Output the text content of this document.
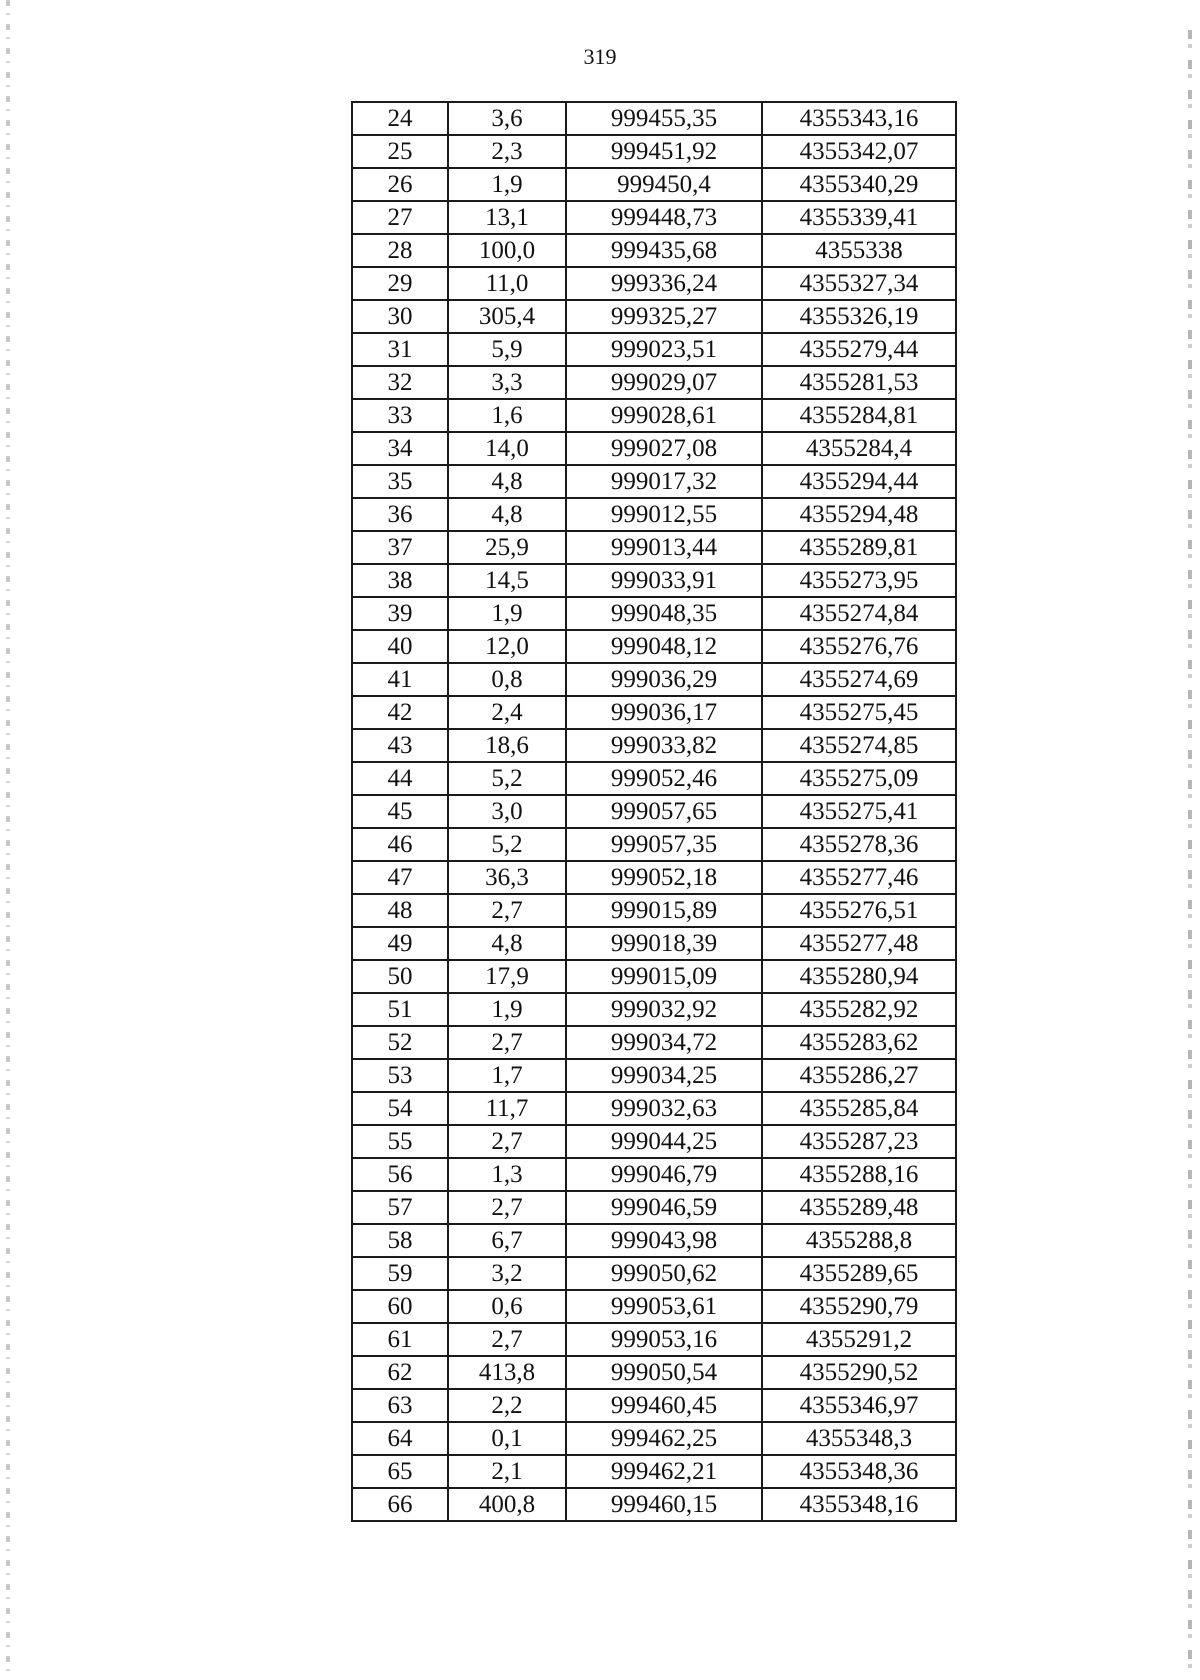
319
24	3,6	999455,35	4355343,16
25	2,3	999451,92	4355342,07
26	1,9	999450,4	4355340,29
27	13,1	999448,73	4355339,41
28	100,0	999435,68	4355338
29	11,0	999336,24	4355327,34
30	305,4	999325,27	4355326,19
31	5,9	999023,51	4355279,44
32	3,3	999029,07	4355281,53
33	1,6	999028,61	4355284,81
34	14,0	999027,08	4355284,4
35	4,8	999017,32	4355294,44
36	4,8	999012,55	4355294,48
37	25,9	999013,44	4355289,81
38	14,5	999033,91	4355273,95
39	1,9	999048,35	4355274,84
40	12,0	999048,12	4355276,76
41	0,8	999036,29	4355274,69
42	2,4	999036,17	4355275,45
43	18,6	999033,82	4355274,85
44	5,2	999052,46	4355275,09
45	3,0	999057,65	4355275,41
46	5,2	999057,35	4355278,36
47	36,3	999052,18	4355277,46
48	2,7	999015,89	4355276,51
49	4,8	999018,39	4355277,48
50	17,9	999015,09	4355280,94
51	1,9	999032,92	4355282,92
52	2,7	999034,72	4355283,62
53	1,7	999034,25	4355286,27
54	11,7	999032,63	4355285,84
55	2,7	999044,25	4355287,23
56	1,3	999046,79	4355288,16
57	2,7	999046,59	4355289,48
58	6,7	999043,98	4355288,8
59	3,2	999050,62	4355289,65
60	0,6	999053,61	4355290,79
61	2,7	999053,16	4355291,2
62	413,8	999050,54	4355290,52
63	2,2	999460,45	4355346,97
64	0,1	999462,25	4355348,3
65	2,1	999462,21	4355348,36
66	400,8	999460,15	4355348,16
